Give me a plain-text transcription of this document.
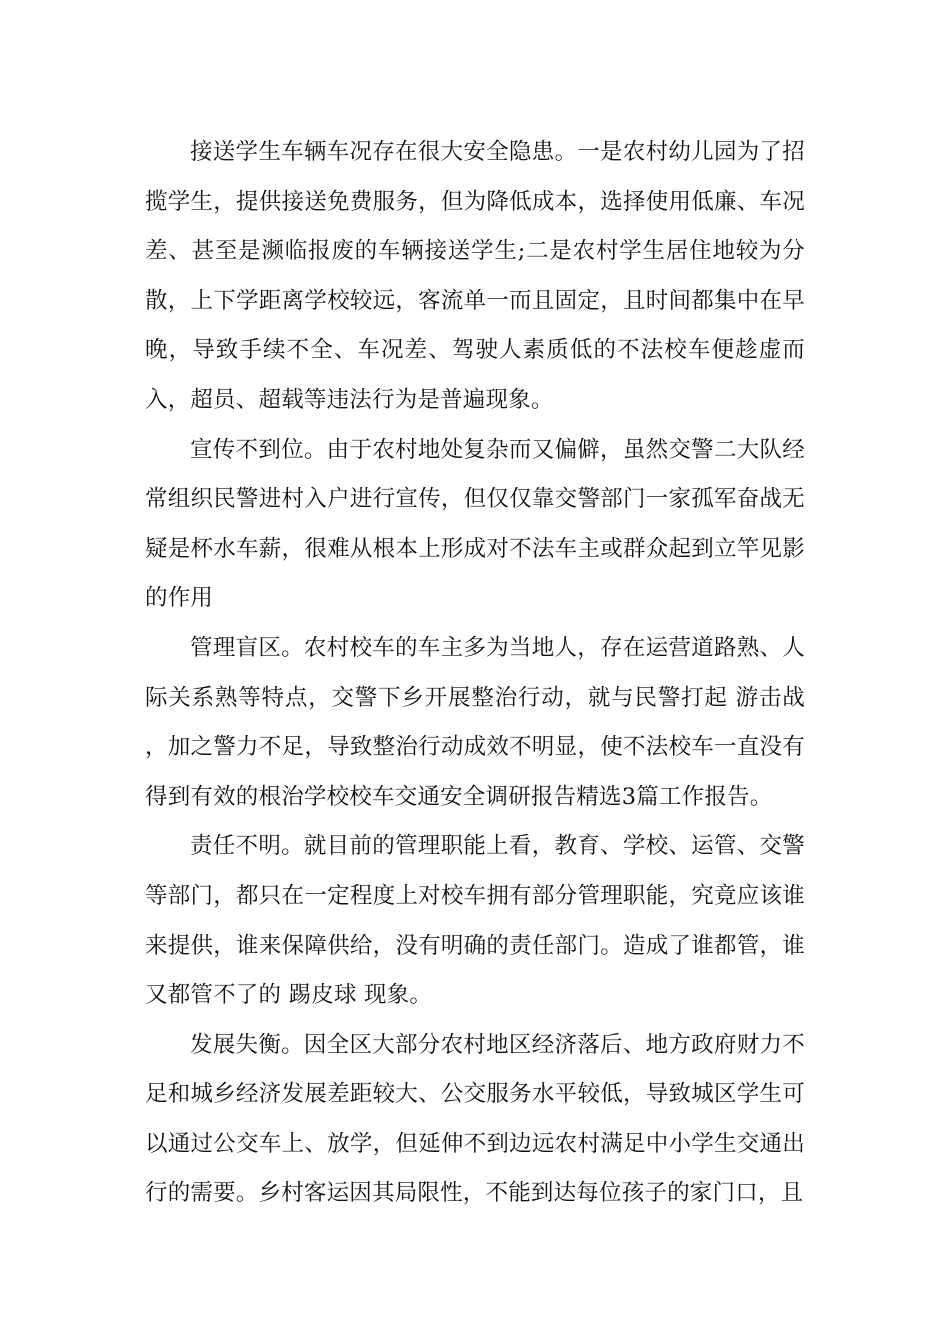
接送学生车辆车况存在很大安全隐患。一是农村幼儿园为了招揽学生，提供接送免费服务，但为降低成本，选择使用低廉、车况差、甚至是濒临报废的车辆接送学生;二是农村学生居住地较为分散，上下学距离学校较远，客流单一而且固定，且时间都集中在早晚，导致手续不全、车况差、驾驶人素质低的不法校车便趁虚而入，超员、超载等违法行为是普遍现象。

宣传不到位。由于农村地处复杂而又偏僻，虽然交警二大队经常组织民警进村入户进行宣传，但仅仅靠交警部门一家孤军奋战无疑是杯水车薪，很难从根本上形成对不法车主或群众起到立竿见影的作用

管理盲区。农村校车的车主多为当地人，存在运营道路熟、人际关系熟等特点，交警下乡开展整治行动，就与民警打起 游击战 ，加之警力不足，导致整治行动成效不明显，使不法校车一直没有得到有效的根治学校校车交通安全调研报告精选3篇工作报告。

责任不明。就目前的管理职能上看，教育、学校、运管、交警等部门，都只在一定程度上对校车拥有部分管理职能，究竟应该谁来提供，谁来保障供给，没有明确的责任部门。造成了谁都管，谁又都管不了的 踢皮球 现象。

发展失衡。因全区大部分农村地区经济落后、地方政府财力不足和城乡经济发展差距较大、公交服务水平较低，导致城区学生可以通过公交车上、放学，但延伸不到边远农村满足中小学生交通出行的需要。乡村客运因其局限性，不能到达每位孩子的家门口，且
